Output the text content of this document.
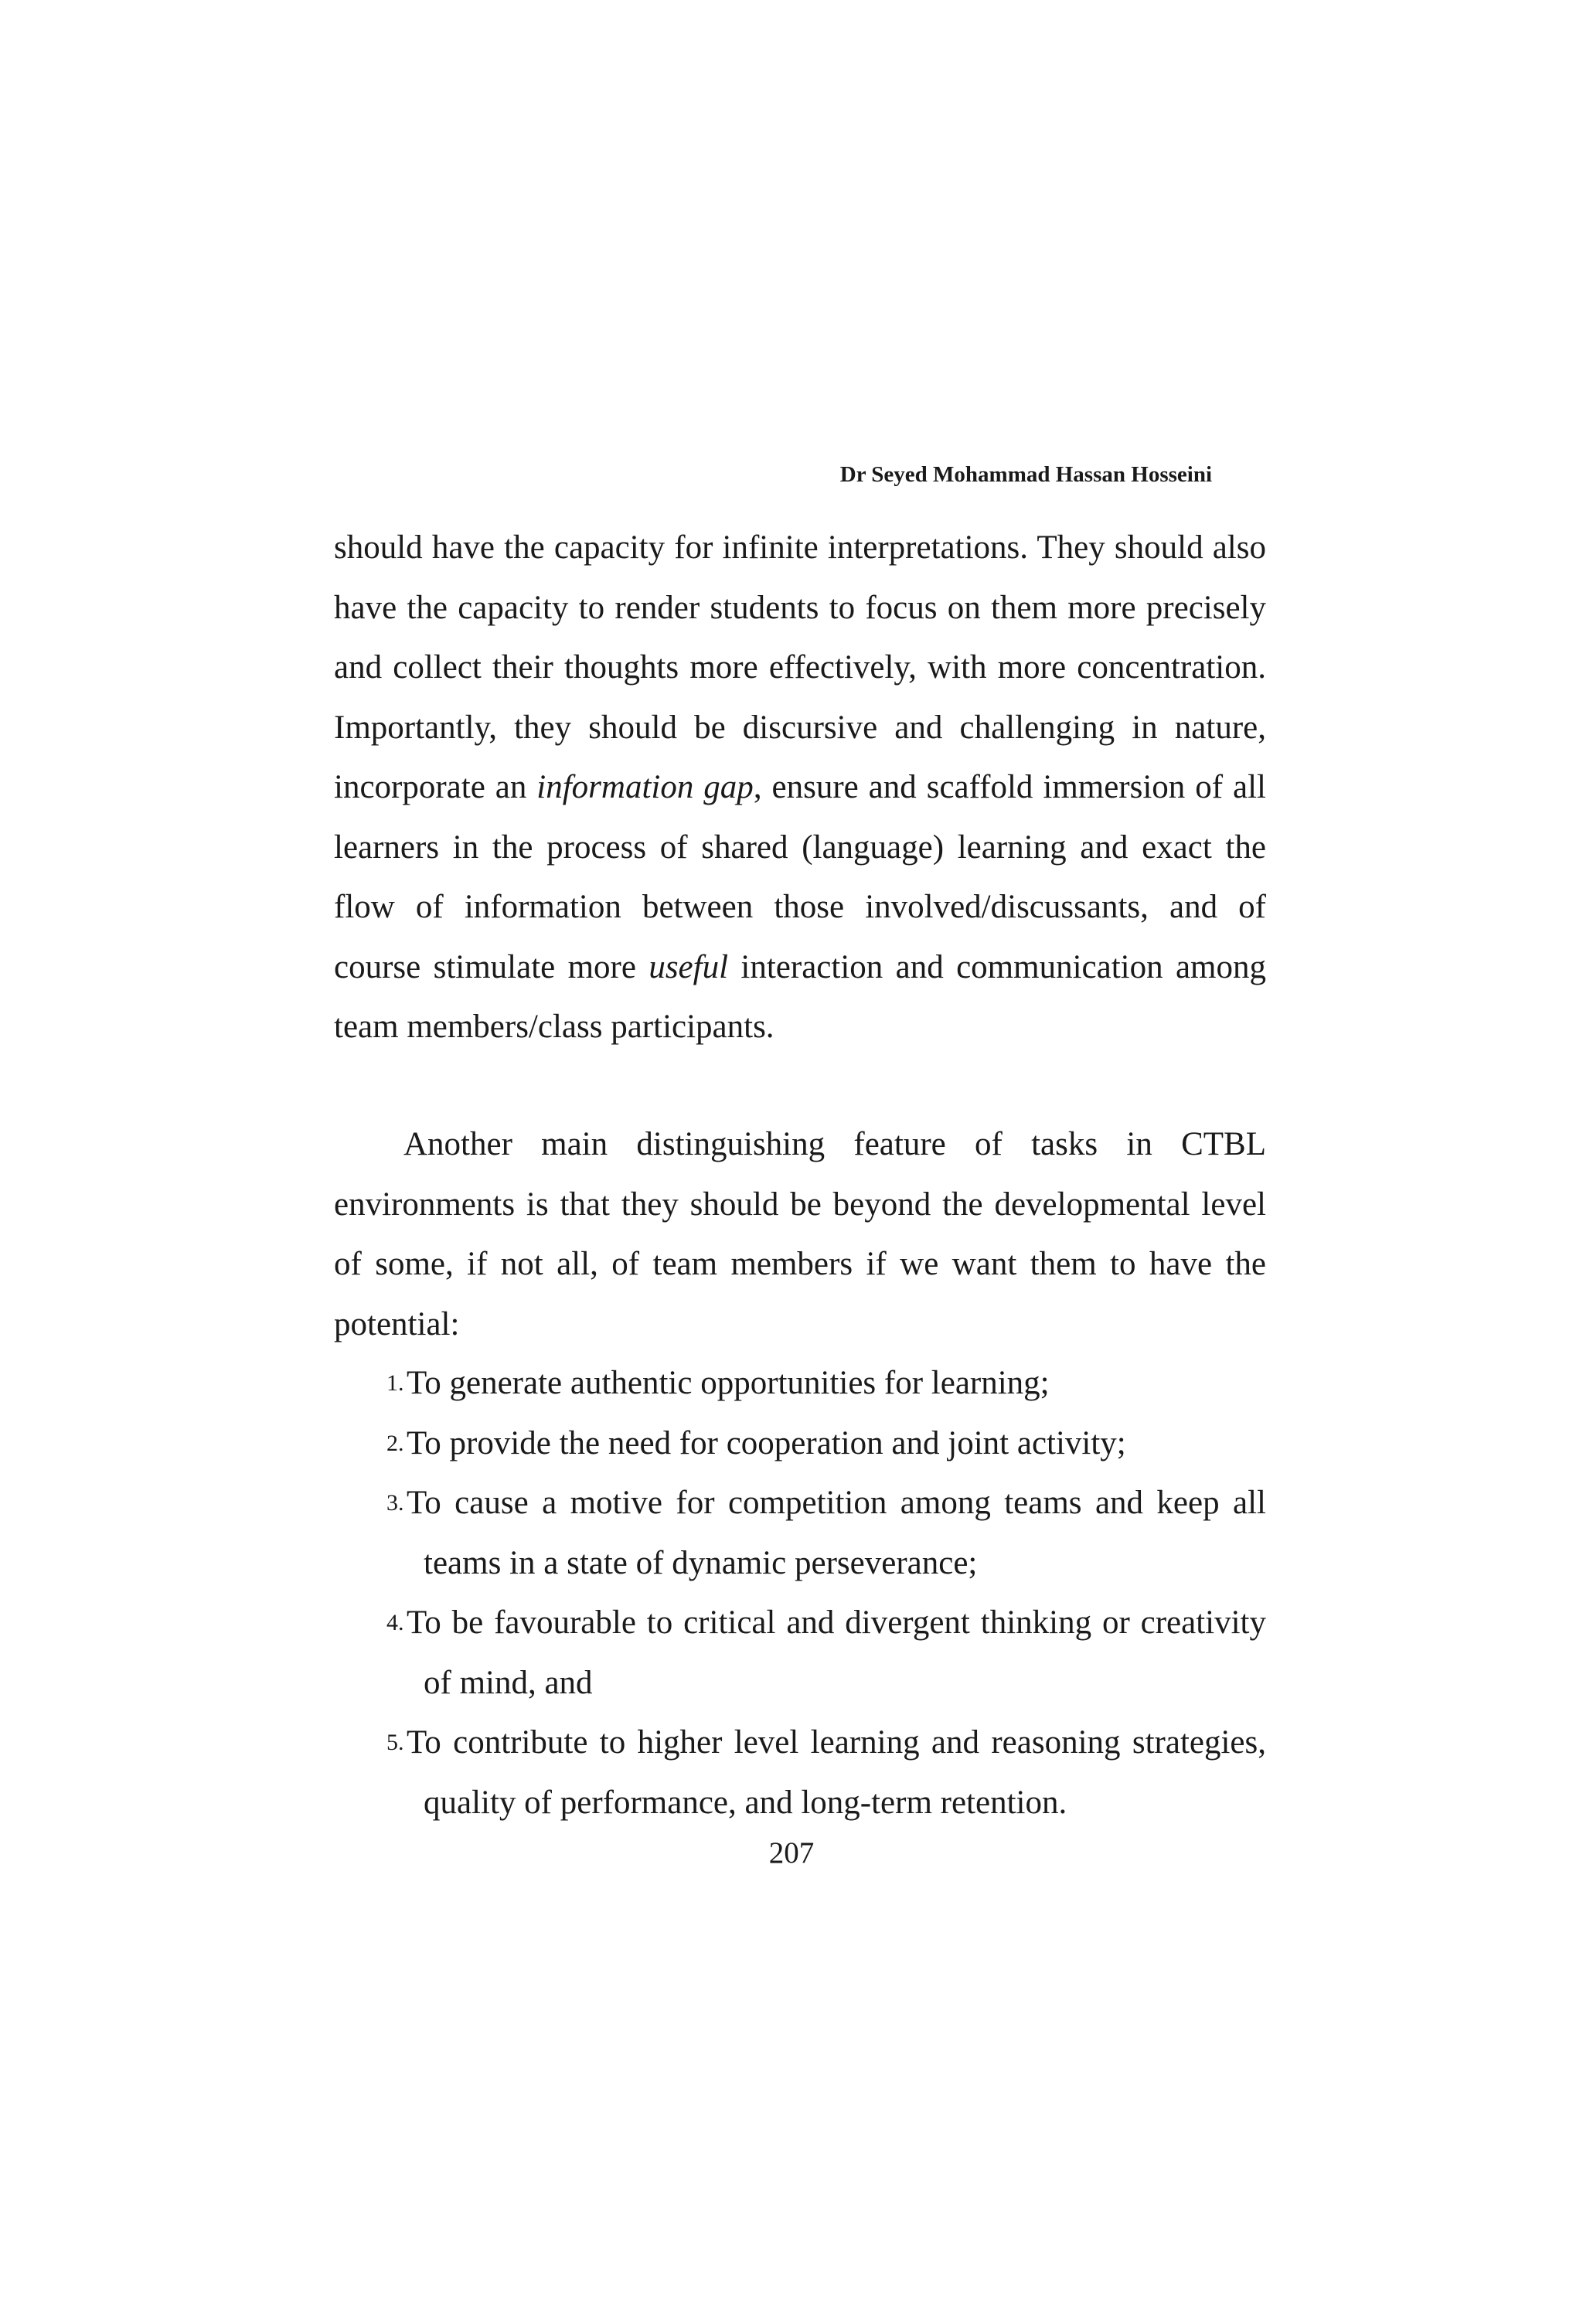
Dr Seyed Mohammad Hassan Hosseini
should have the capacity for infinite interpretations. They should also have the capacity to render students to focus on them more precisely and collect their thoughts more effectively, with more concentration. Importantly, they should be discursive and challenging in nature, incorporate an information gap, ensure and scaffold immersion of all learners in the process of shared (language) learning and exact the flow of information between those involved/discussants, and of course stimulate more useful interaction and communication among team members/class participants.
Another main distinguishing feature of tasks in CTBL environments is that they should be beyond the developmental level of some, if not all, of team members if we want them to have the potential:
1. To generate authentic opportunities for learning;
2. To provide the need for cooperation and joint activity;
3. To cause a motive for competition among teams and keep all teams in a state of dynamic perseverance;
4. To be favourable to critical and divergent thinking or creativity of mind, and
5. To contribute to higher level learning and reasoning strategies, quality of performance, and long-term retention.
207
